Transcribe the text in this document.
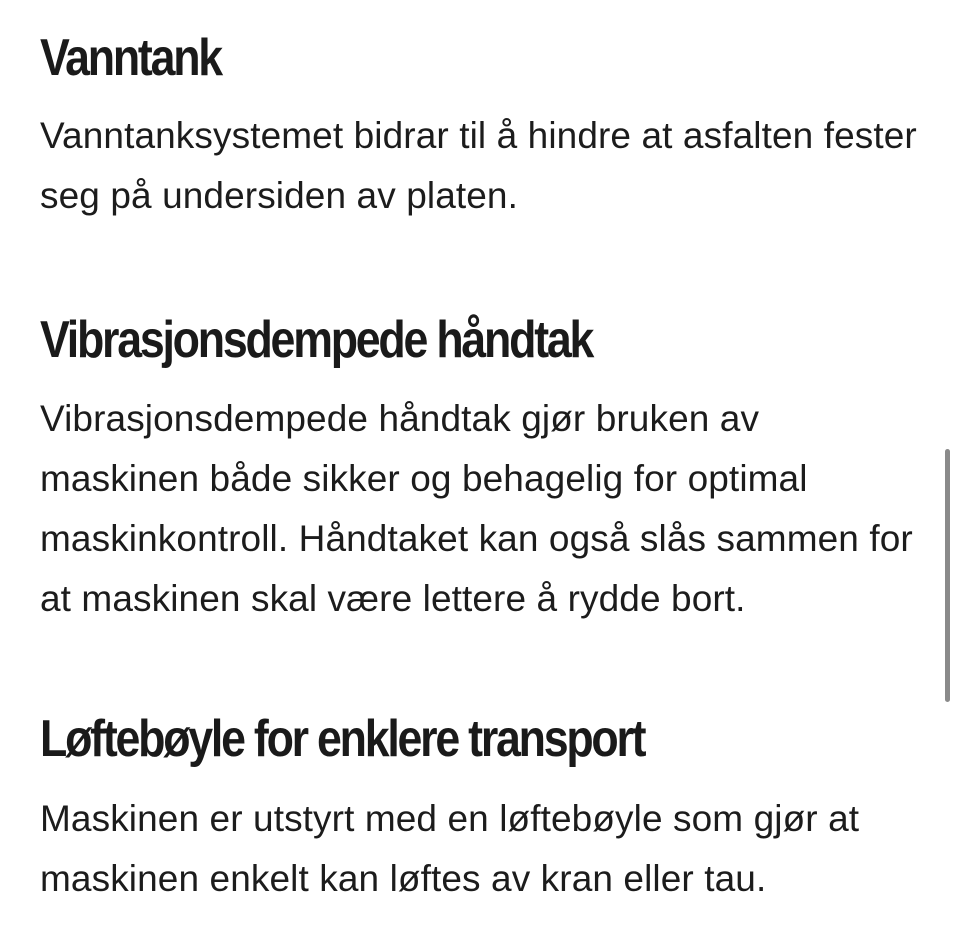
Vanntank

Vanntanksystemet bidrar til å hindre at asfalten fester seg på undersiden av platen.

Vibrasjonsdempede håndtak

Vibrasjonsdempede håndtak gjør bruken av maskinen både sikker og behagelig for optimal maskinkontroll. Håndtaket kan også slås sammen for at maskinen skal være lettere å rydde bort.

Løftebøyle for enklere transport

Maskinen er utstyrt med en løftebøyle som gjør at maskinen enkelt kan løftes av kran eller tau.
